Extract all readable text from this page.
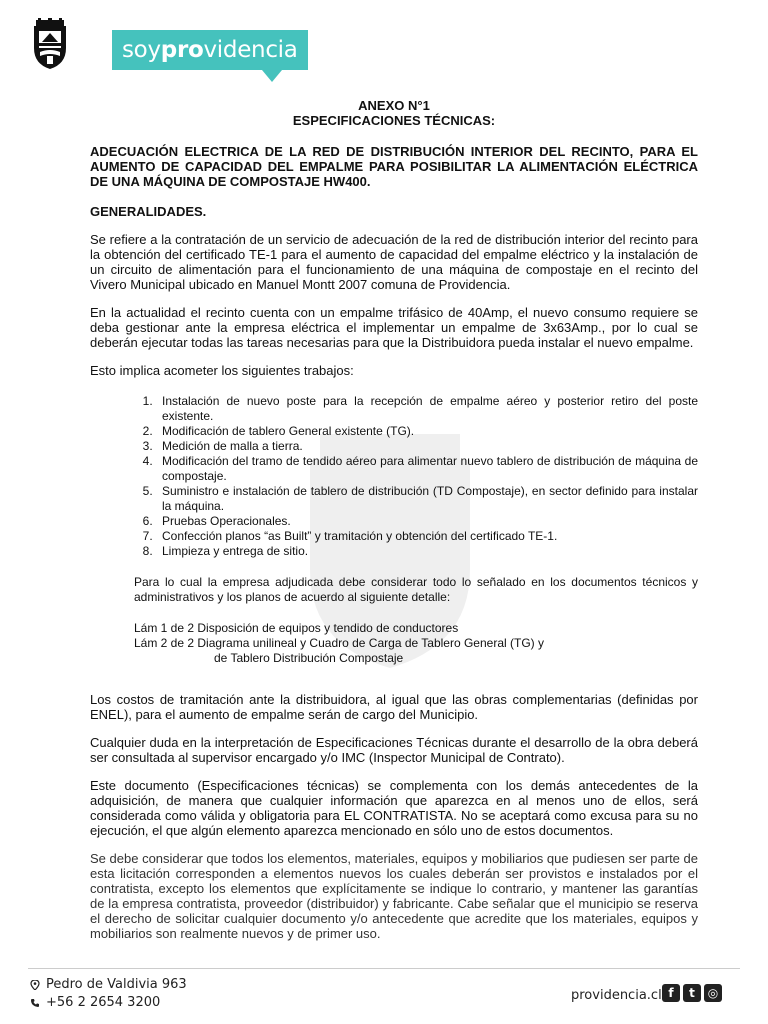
soyprovidencia
ANEXO N°1
ESPECIFICACIONES TÉCNICAS:
ADECUACIÓN ELECTRICA DE LA RED DE DISTRIBUCIÓN INTERIOR DEL RECINTO, PARA EL AUMENTO DE CAPACIDAD DEL EMPALME PARA POSIBILITAR LA ALIMENTACIÓN ELÉCTRICA DE UNA MÁQUINA DE COMPOSTAJE HW400.
GENERALIDADES.
Se refiere a la contratación de un servicio de adecuación de la red de distribución interior del recinto para la obtención del certificado TE-1 para el aumento de capacidad del empalme eléctrico y la instalación de un circuito de alimentación para el funcionamiento de una máquina de compostaje en el recinto del Vivero Municipal ubicado en Manuel Montt 2007 comuna de Providencia.
En la actualidad el recinto cuenta con un empalme trifásico de 40Amp, el nuevo consumo requiere se deba gestionar ante la empresa eléctrica el implementar un empalme de 3x63Amp., por lo cual se deberán ejecutar todas las tareas necesarias para que la Distribuidora pueda instalar el nuevo empalme.
Esto implica acometer los siguientes trabajos:
1. Instalación de nuevo poste para la recepción de empalme aéreo y posterior retiro del poste existente.
2. Modificación de tablero General existente (TG).
3. Medición de malla a tierra.
4. Modificación del tramo de tendido aéreo para alimentar nuevo tablero de distribución de máquina de compostaje.
5. Suministro e instalación de tablero de distribución (TD Compostaje), en sector definido para instalar la máquina.
6. Pruebas Operacionales.
7. Confección planos “as Built” y tramitación y obtención del certificado TE-1.
8. Limpieza y entrega de sitio.
Para lo cual la empresa adjudicada debe considerar todo lo señalado en los documentos técnicos y administrativos y los planos de acuerdo al siguiente detalle:
Lám 1 de 2 Disposición de equipos y tendido de conductores
Lám 2 de 2 Diagrama unilineal y Cuadro de Carga de Tablero General (TG) y
de Tablero Distribución Compostaje
Los costos de tramitación ante la distribuidora, al igual que las obras complementarias (definidas por ENEL), para el aumento de empalme serán de cargo del Municipio.
Cualquier duda en la interpretación de Especificaciones Técnicas durante el desarrollo de la obra deberá ser consultada al supervisor encargado y/o IMC (Inspector Municipal de Contrato).
Este documento (Especificaciones técnicas) se complementa con los demás antecedentes de la adquisición, de manera que cualquier información que aparezca en al menos uno de ellos, será considerada como válida y obligatoria para EL CONTRATISTA. No se aceptará como excusa para su no ejecución, el que algún elemento aparezca mencionado en sólo uno de estos documentos.
Se debe considerar que todos los elementos, materiales, equipos y mobiliarios que pudiesen ser parte de esta licitación corresponden a elementos nuevos los cuales deberán ser provistos e instalados por el contratista, excepto los elementos que explícitamente se indique lo contrario, y mantener las garantías de la empresa contratista, proveedor (distribuidor) y fabricante. Cabe señalar que el municipio se reserva el derecho de solicitar cualquier documento y/o antecedente que acredite que los materiales, equipos y mobiliarios son realmente nuevos y de primer uso.
Pedro de Valdivia 963
+56 2 2654 3200	providencia.cl f	t	◎
